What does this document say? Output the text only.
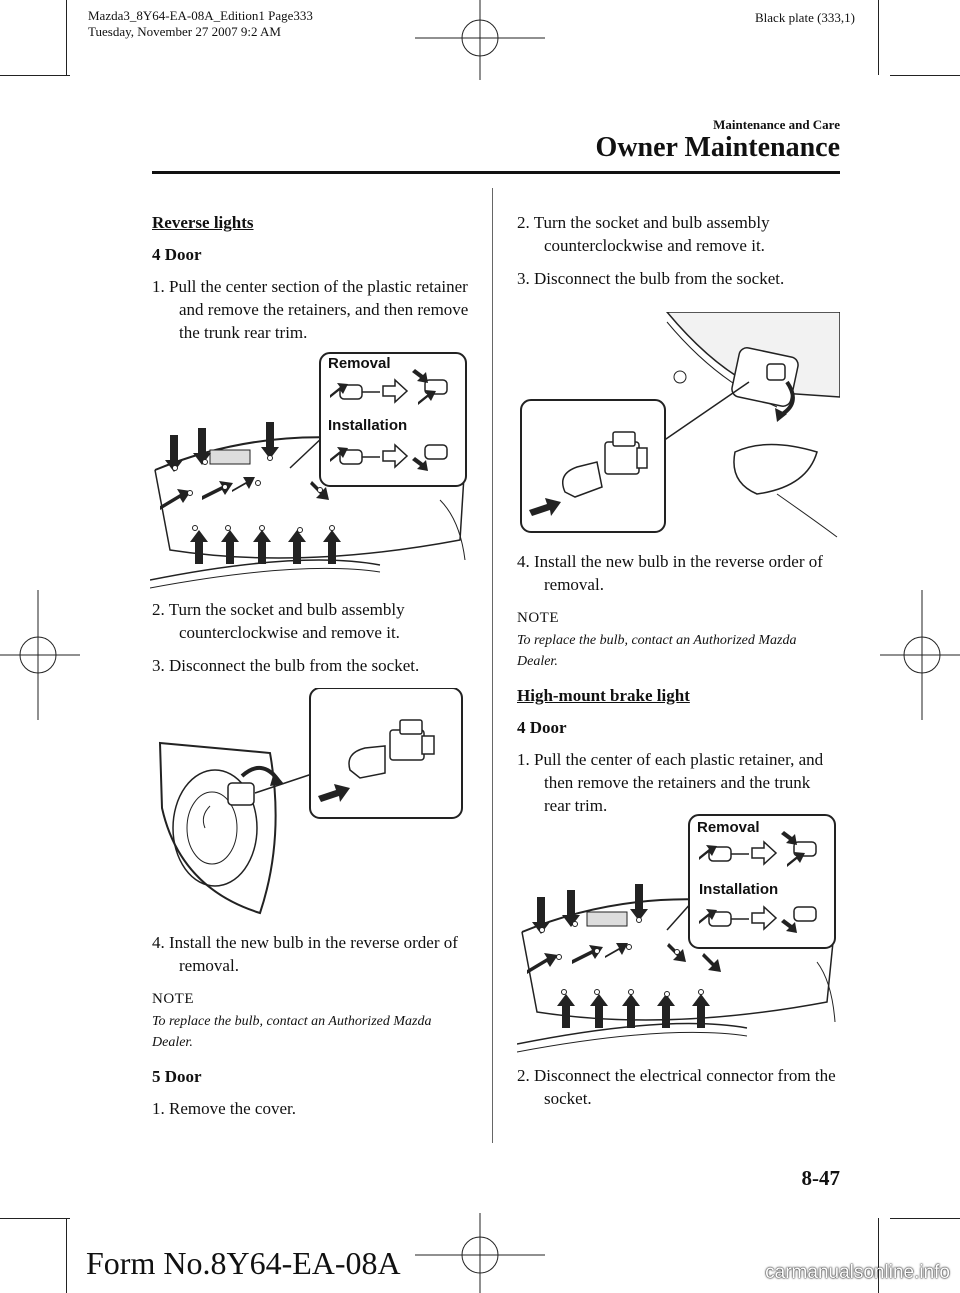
Mazda3_8Y64-EA-08A_Edition1 Page333
Tuesday, November 27 2007 9:2 AM
Black plate (333,1)
Maintenance and Care
Owner Maintenance
Reverse lights
4 Door

1. Pull the center section of the plastic retainer and remove the retainers, and then remove the trunk rear trim.

Removal
Installation

2. Turn the socket and bulb assembly counterclockwise and remove it.

3. Disconnect the bulb from the socket.

4. Install the new bulb in the reverse order of removal.

NOTE
To replace the bulb, contact an Authorized Mazda Dealer.
5 Door

1. Remove the cover.

2. Turn the socket and bulb assembly counterclockwise and remove it.

3. Disconnect the bulb from the socket.

4. Install the new bulb in the reverse order of removal.

NOTE
To replace the bulb, contact an Authorized Mazda Dealer.
High-mount brake light
4 Door

1. Pull the center of each plastic retainer, and then remove the retainers and the trunk rear trim.

Removal
Installation

2. Disconnect the electrical connector from the socket.

8-47
Form No.8Y64-EA-08A	carmanualsonline.info
